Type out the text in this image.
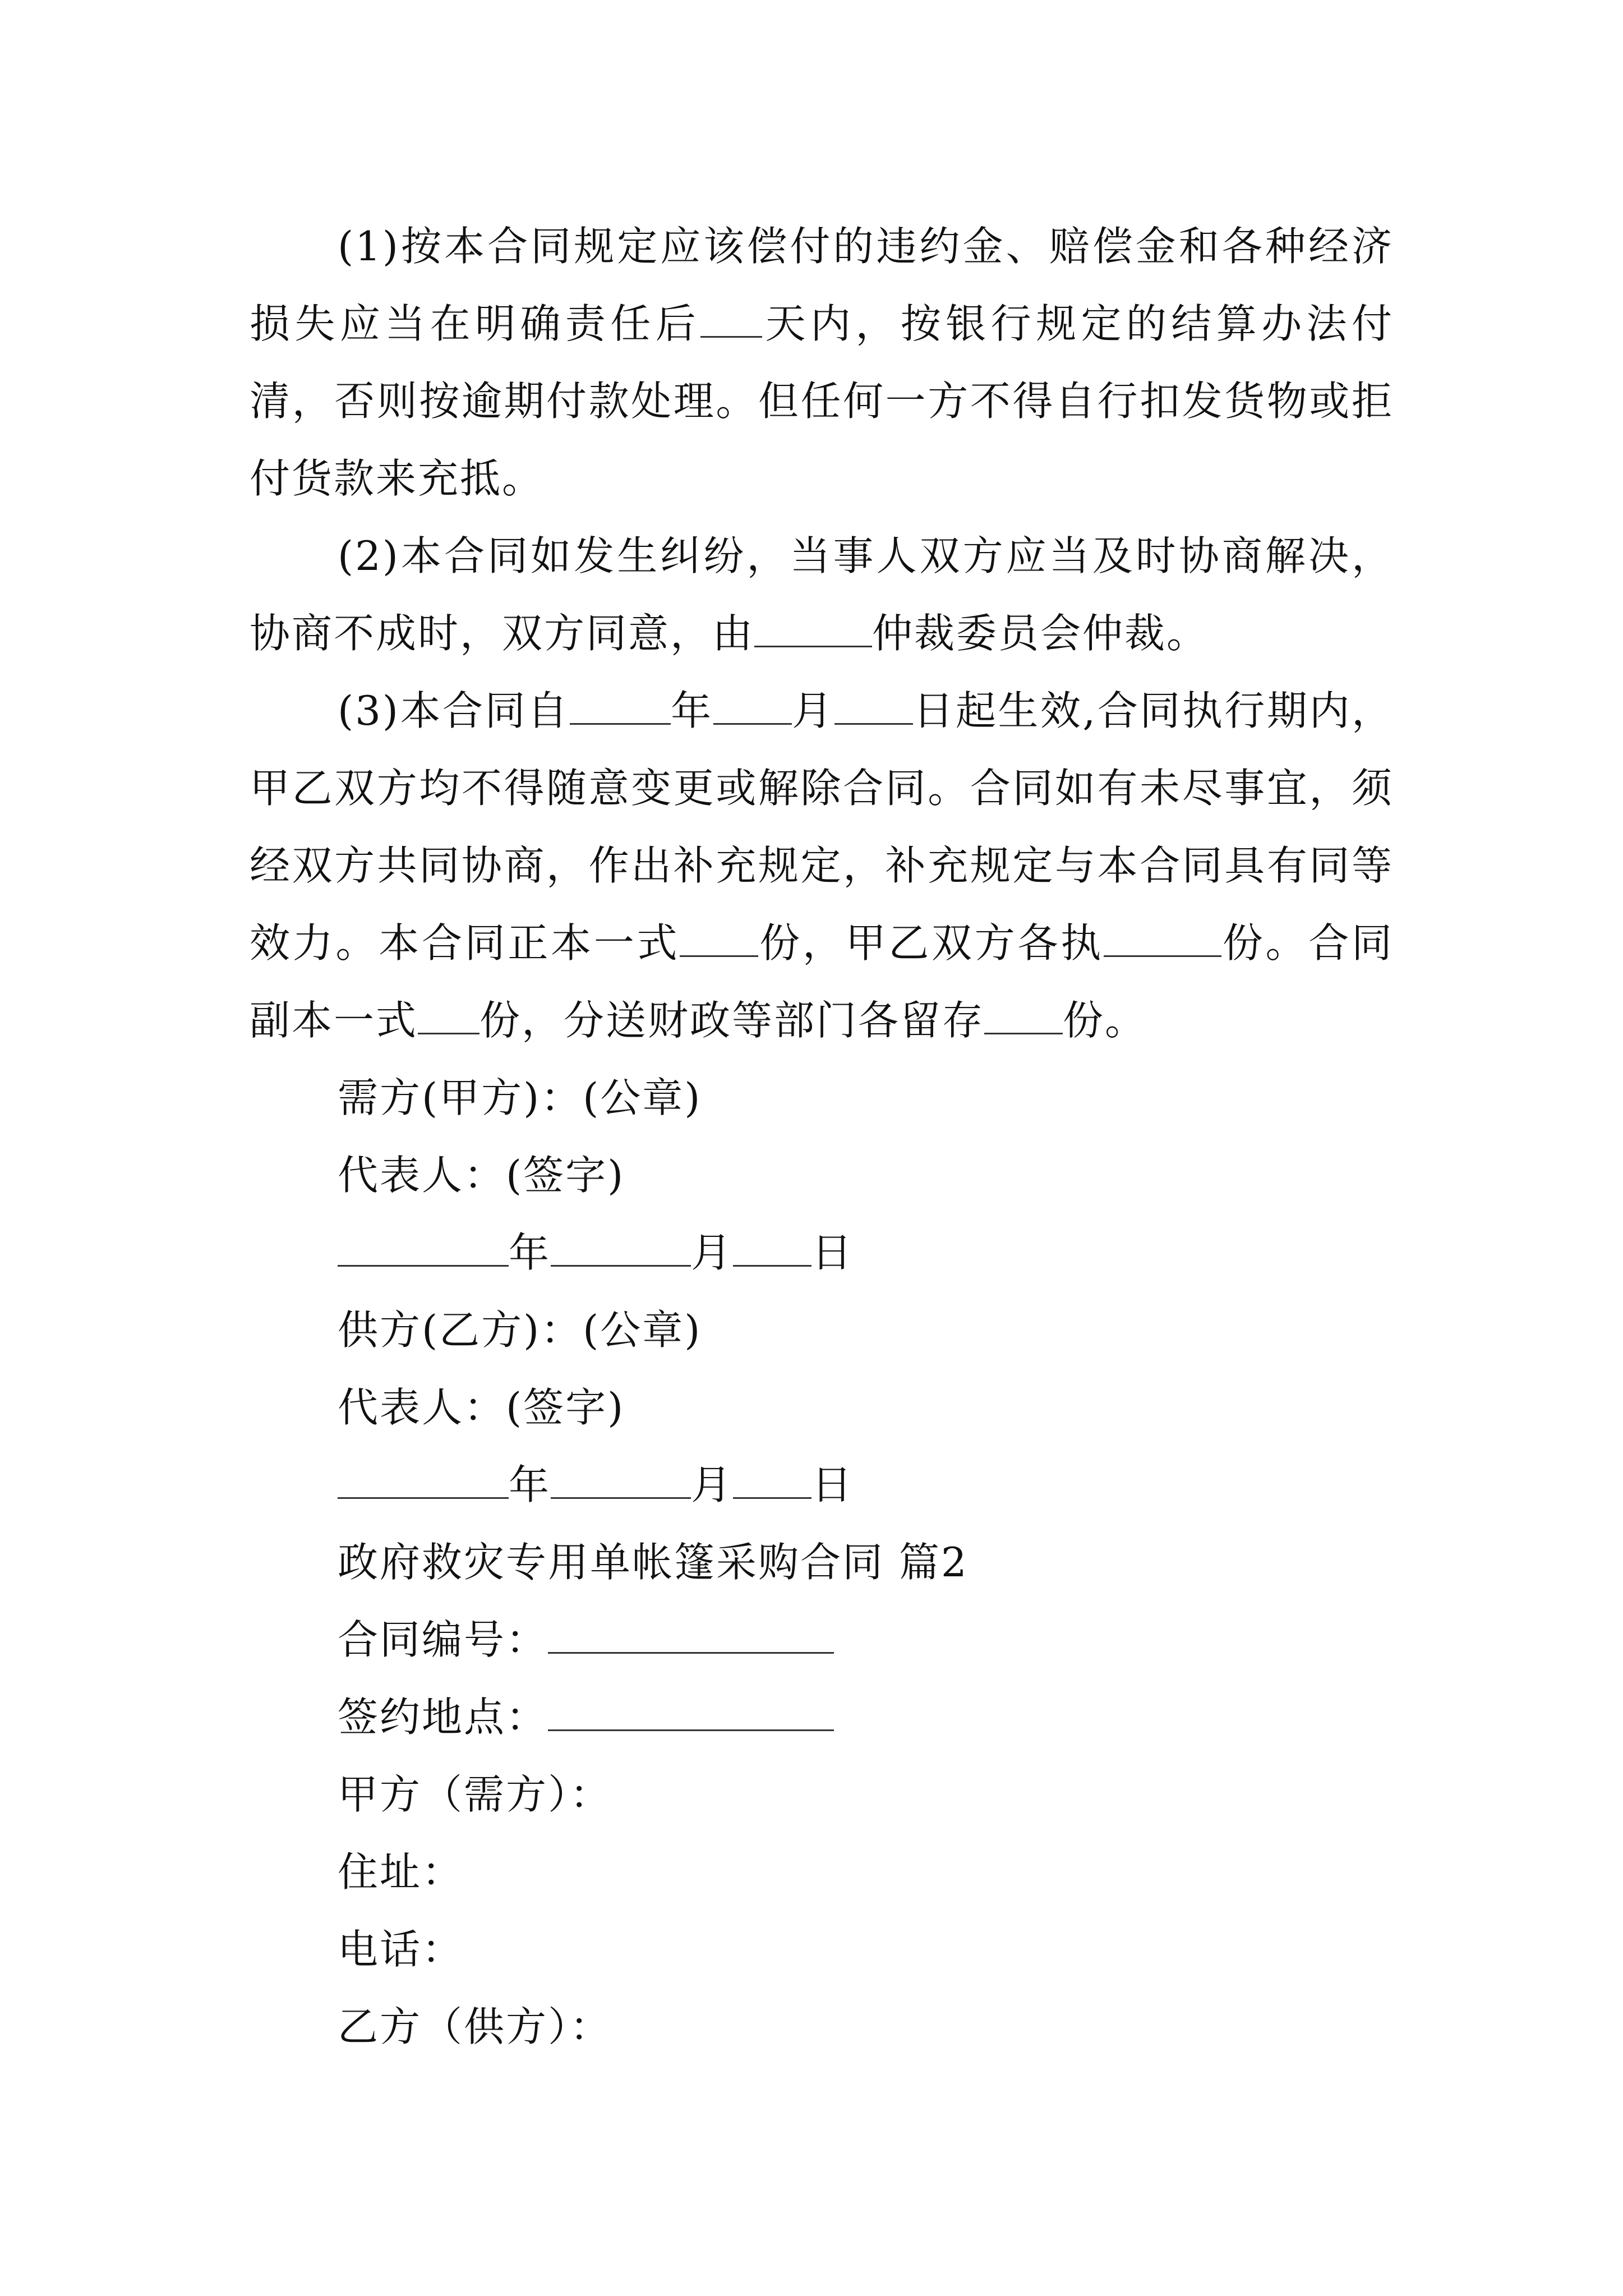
(1)按本合同规定应该偿付的违约金、赔偿金和各种经济损失应当在明确责任后 天内，按银行规定的结算办法付清，否则按逾期付款处理。但任何一方不得自行扣发货物或拒付货款来充抵。

(2)本合同如发生纠纷，当事人双方应当及时协商解决，协商不成时，双方同意，由	仲裁委员会仲裁。

(3)本合同自	年 月 日起生效,合同执行期内，甲乙双方均不得随意变更或解除合同。合同如有未尽事宜，须经双方共同协商，作出补充规定，补充规定与本合同具有同等效力。本合同正本一式 份，甲乙双方各执	份。合同副本一式 份，分送财政等部门各留存 份。

需方(甲方)：(公章)

代表人：(签字)

年	月 日

供方(乙方)：(公章)

代表人：(签字)

年	月 日

政府救灾专用单帐篷采购合同 篇2

合同编号：

签约地点：

甲方（需方）：

住址：

电话：

乙方（供方）：
